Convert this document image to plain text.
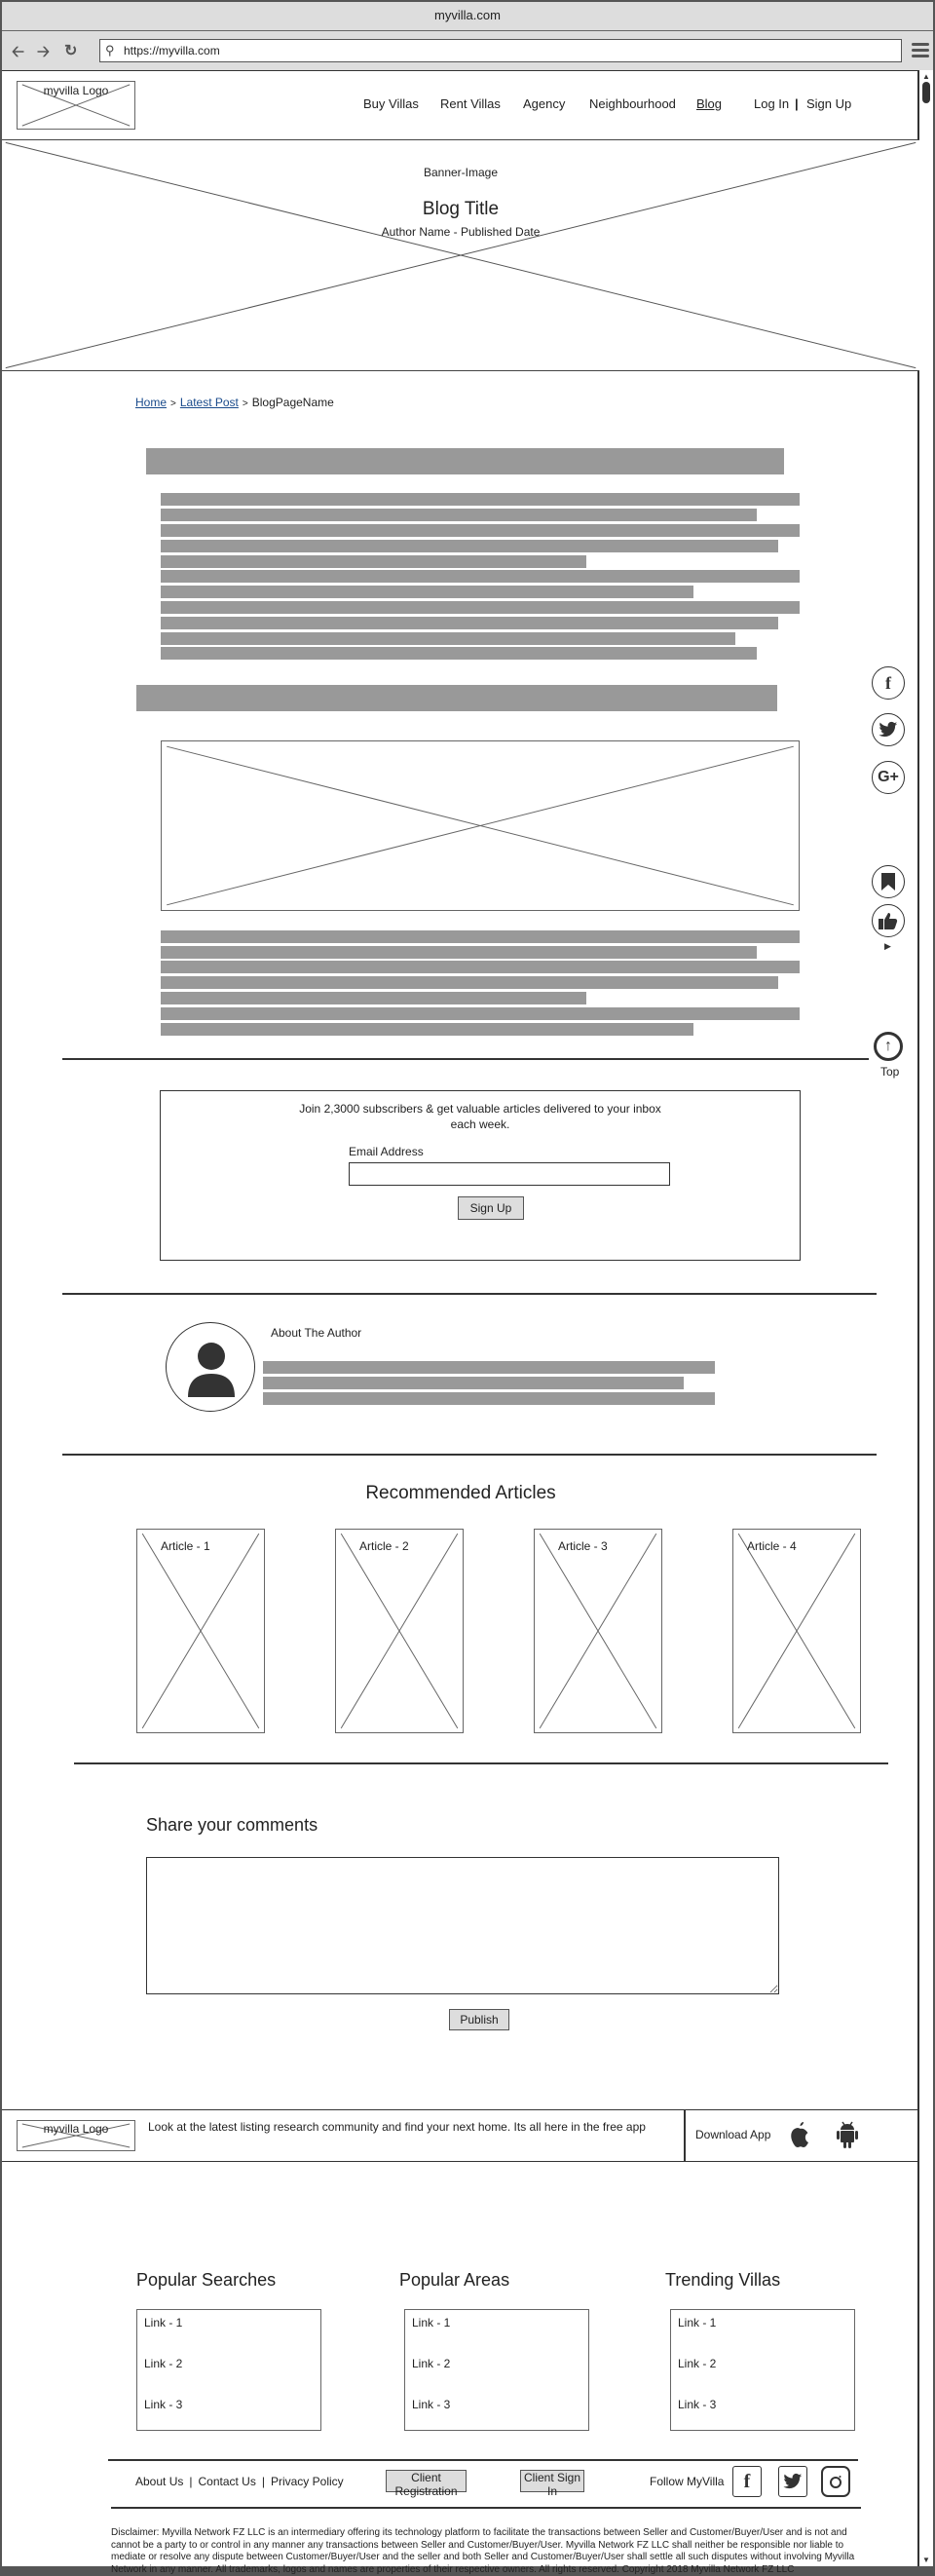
myvilla.com
🡠 🡢 ↻ ⚲ https://myvilla.com
myvilla Logo
Buy Villas Rent Villas Agency Neighbourhood Blog	Log In | Sign Up
Banner-Image
Blog Title
Author Name - Published Date
Home > Latest Post > BlogPageName
f
G+
▶
↑
Top
Join 2,3000 subscribers & get valuable articles delivered to your inbox each week.
Email Address
Sign Up
About The Author
Recommended Articles
Article - 1	Article - 2	Article - 3	Article - 4
Share your comments
Publish
myvilla Logo	Look at the latest listing research community and find your next home. Its all here in the free app
Download App
Popular Searches
Link - 1
Link - 2
Link - 3
Popular Areas
Link - 1
Link - 2
Link - 3
Trending Villas
Link - 1
Link - 2
Link - 3
About Us | Contact Us | Privacy Policy	Client Registration
Client Sign In
Follow MyVilla	f
Disclaimer: Myvilla Network FZ LLC is an intermediary offering its technology platform to facilitate the transactions between Seller and Customer/Buyer/User and is not and cannot be a party to or control in any manner any transactions between Seller and Customer/Buyer/User. Myvilla Network FZ LLC shall neither be responsible nor liable to mediate or resolve any dispute between Customer/Buyer/User and the seller and both Seller and Customer/Buyer/User shall settle all such disputes without involving Myvilla Network in any manner. All trademarks, logos and names are properties of their respective owners. All rights reserved. Copyright 2018 Myvilla Network FZ LLC
▲
▼
